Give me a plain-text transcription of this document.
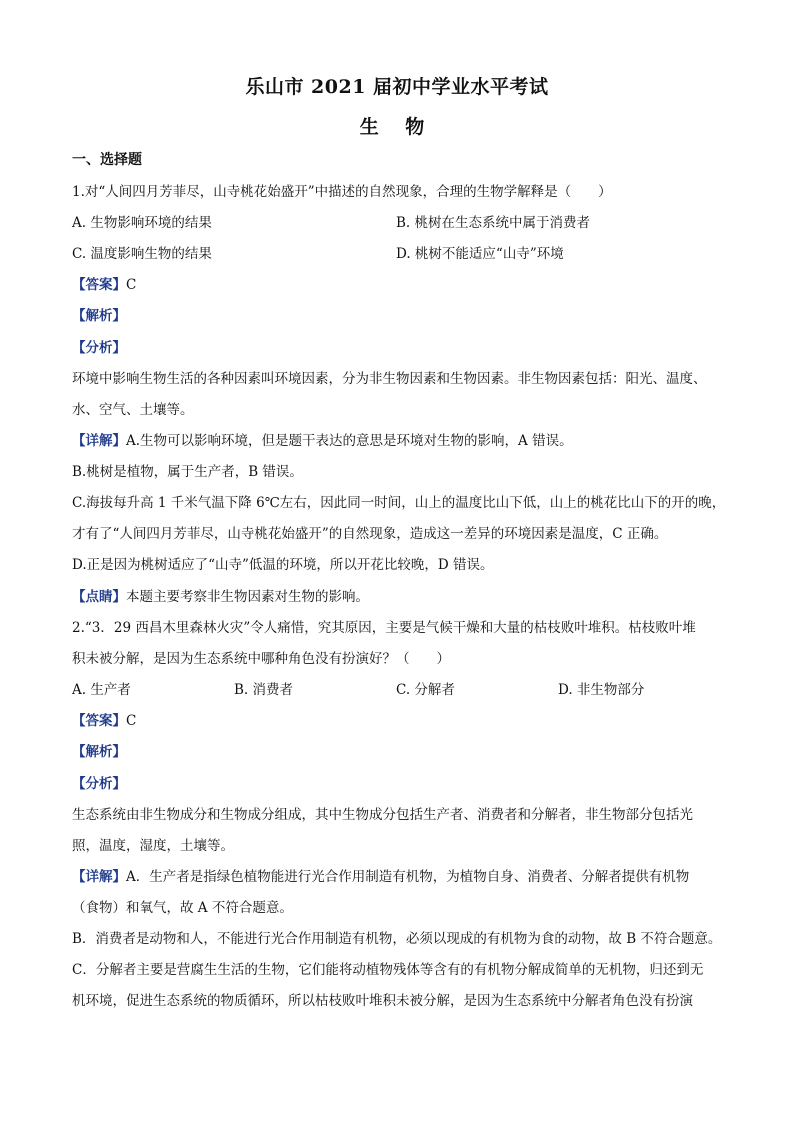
乐山市 2021 届初中学业水平考试
生 物
一、选择题
1.对“人间四月芳菲尽，山寺桃花始盛开”中描述的自然现象，合理的生物学解释是（　　）
A. 生物影响环境的结果	B. 桃树在生态系统中属于消费者
C. 温度影响生物的结果	D. 桃树不能适应“山寺”环境
【答案】C
【解析】
【分析】
环境中影响生物生活的各种因素叫环境因素，分为非生物因素和生物因素。非生物因素包括：阳光、温度、
水、空气、土壤等。
【详解】A.生物可以影响环境，但是题干表达的意思是环境对生物的影响，A 错误。
B.桃树是植物，属于生产者，B 错误。
C.海拔每升高 1 千米气温下降 6℃左右，因此同一时间，山上的温度比山下低，山上的桃花比山下的开的晚，
才有了“人间四月芳菲尽，山寺桃花始盛开”的自然现象，造成这一差异的环境因素是温度，C 正确。
D.正是因为桃树适应了“山寺”低温的环境，所以开花比较晚，D 错误。
【点睛】本题主要考察非生物因素对生物的影响。
2.“3．29 西昌木里森林火灾”令人痛惜，究其原因，主要是气候干燥和大量的枯枝败叶堆积。枯枝败叶堆
积未被分解，是因为生态系统中哪种角色没有扮演好？（　　）
A. 生产者	B. 消费者	C. 分解者	D. 非生物部分
【答案】C
【解析】
【分析】
生态系统由非生物成分和生物成分组成，其中生物成分包括生产者、消费者和分解者，非生物部分包括光
照，温度，湿度，土壤等。
【详解】A．生产者是指绿色植物能进行光合作用制造有机物，为植物自身、消费者、分解者提供有机物
（食物）和氧气，故 A 不符合题意。
B．消费者是动物和人，不能进行光合作用制造有机物，必须以现成的有机物为食的动物，故 B 不符合题意。
C．分解者主要是营腐生生活的生物，它们能将动植物残体等含有的有机物分解成简单的无机物，归还到无
机环境，促进生态系统的物质循环，所以枯枝败叶堆积未被分解，是因为生态系统中分解者角色没有扮演
